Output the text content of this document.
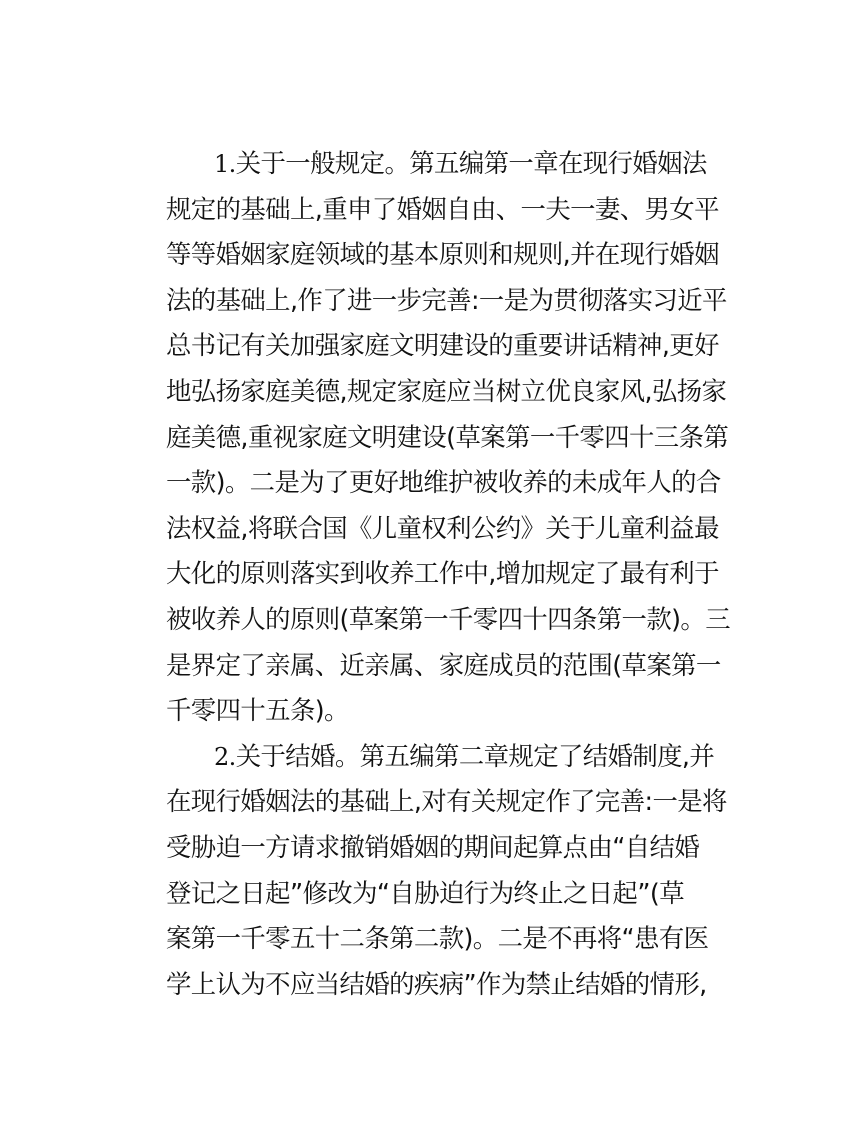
1.关于一般规定。第五编第一章在现行婚姻法
规定的基础上,重申了婚姻自由、一夫一妻、男女平
等等婚姻家庭领域的基本原则和规则,并在现行婚姻
法的基础上,作了进一步完善:一是为贯彻落实习近平
总书记有关加强家庭文明建设的重要讲话精神,更好
地弘扬家庭美德,规定家庭应当树立优良家风,弘扬家
庭美德,重视家庭文明建设(草案第一千零四十三条第
一款)。二是为了更好地维护被收养的未成年人的合
法权益,将联合国《儿童权利公约》关于儿童利益最
大化的原则落实到收养工作中,增加规定了最有利于
被收养人的原则(草案第一千零四十四条第一款)。三
是界定了亲属、近亲属、家庭成员的范围(草案第一
千零四十五条)。
2.关于结婚。第五编第二章规定了结婚制度,并
在现行婚姻法的基础上,对有关规定作了完善:一是将
受胁迫一方请求撤销婚姻的期间起算点由“自结婚
登记之日起”修改为“自胁迫行为终止之日起”(草
案第一千零五十二条第二款)。二是不再将“患有医
学上认为不应当结婚的疾病”作为禁止结婚的情形,
